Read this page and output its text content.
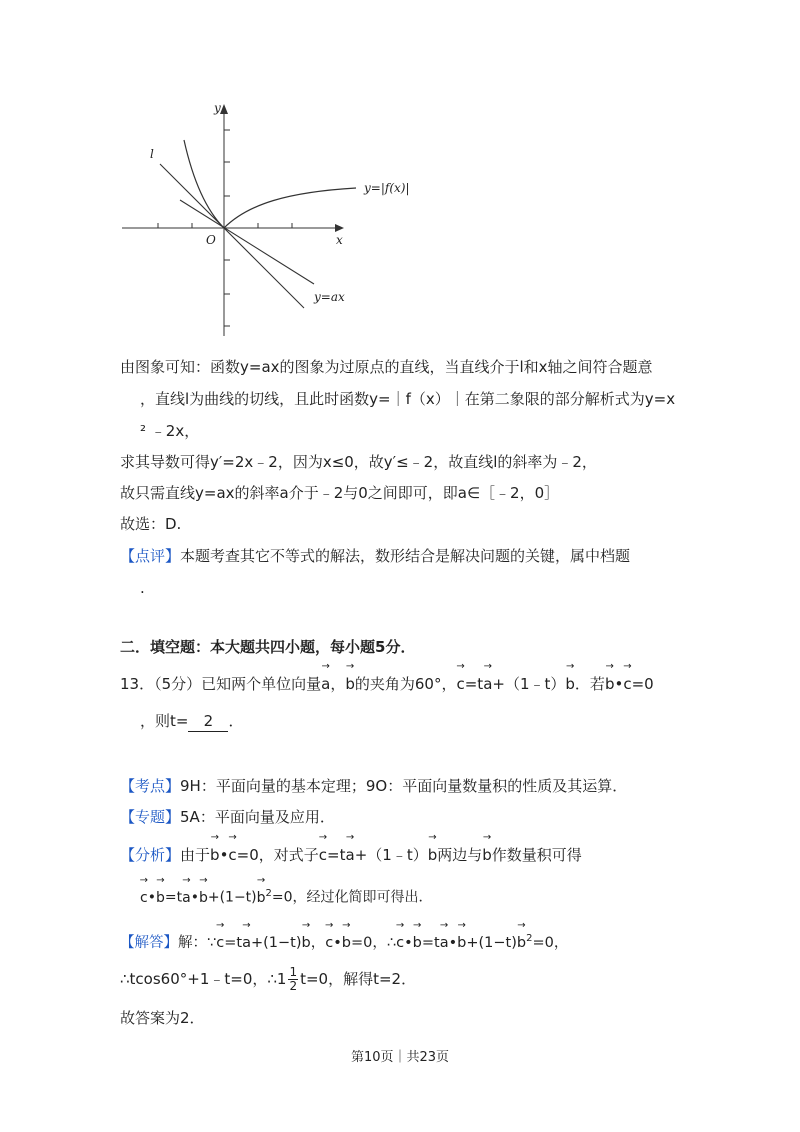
y
x
O
l
y=|f(x)|
y=ax
由图象可知：函数y=ax的图象为过原点的直线，当直线介于l和x轴之间符合题意
，直线l为曲线的切线，且此时函数y=｜f（x）｜在第二象限的部分解析式为y=x
² ﹣2x，
求其导数可得y′=2x﹣2，因为x≤0，故y′≤﹣2，故直线l的斜率为﹣2，
故只需直线y=ax的斜率a介于﹣2与0之间即可，即a∈［﹣2，0］
故选：D.
【点评】本题考查其它不等式的解法，数形结合是解决问题的关键，属中档题
.
二．填空题：本大题共四小题，每小题5分．
13．（5分）已知两个单位向量→ a，→ b的夹角为60°，→ c=t→ a+（1﹣t）→ b．若→ b•→ c=0
，则t= 2 ．
【考点】9H：平面向量的基本定理；9O：平面向量数量积的性质及其运算．
【专题】5A：平面向量及应用．
【分析】由于→ b•→ c=0，对式子→ c=t→ a+（1﹣t）→ b两边与→ b作数量积可得
→ c•→ b=t→ a•→ $b+(1-t)\to b^2=0$，经过化简即可得出．
【解答】解：∵→ c=t→ a+(1−t)→ b，→ c•→ b=0，∴→ c•→ b=t→ a•→ $b+(1-t)\to b^2=0$，
∴tcos60°+1﹣t=0，∴1 $\frac{1}{2} t=0$，解得t=2．
故答案为2．
第10页｜共23页
